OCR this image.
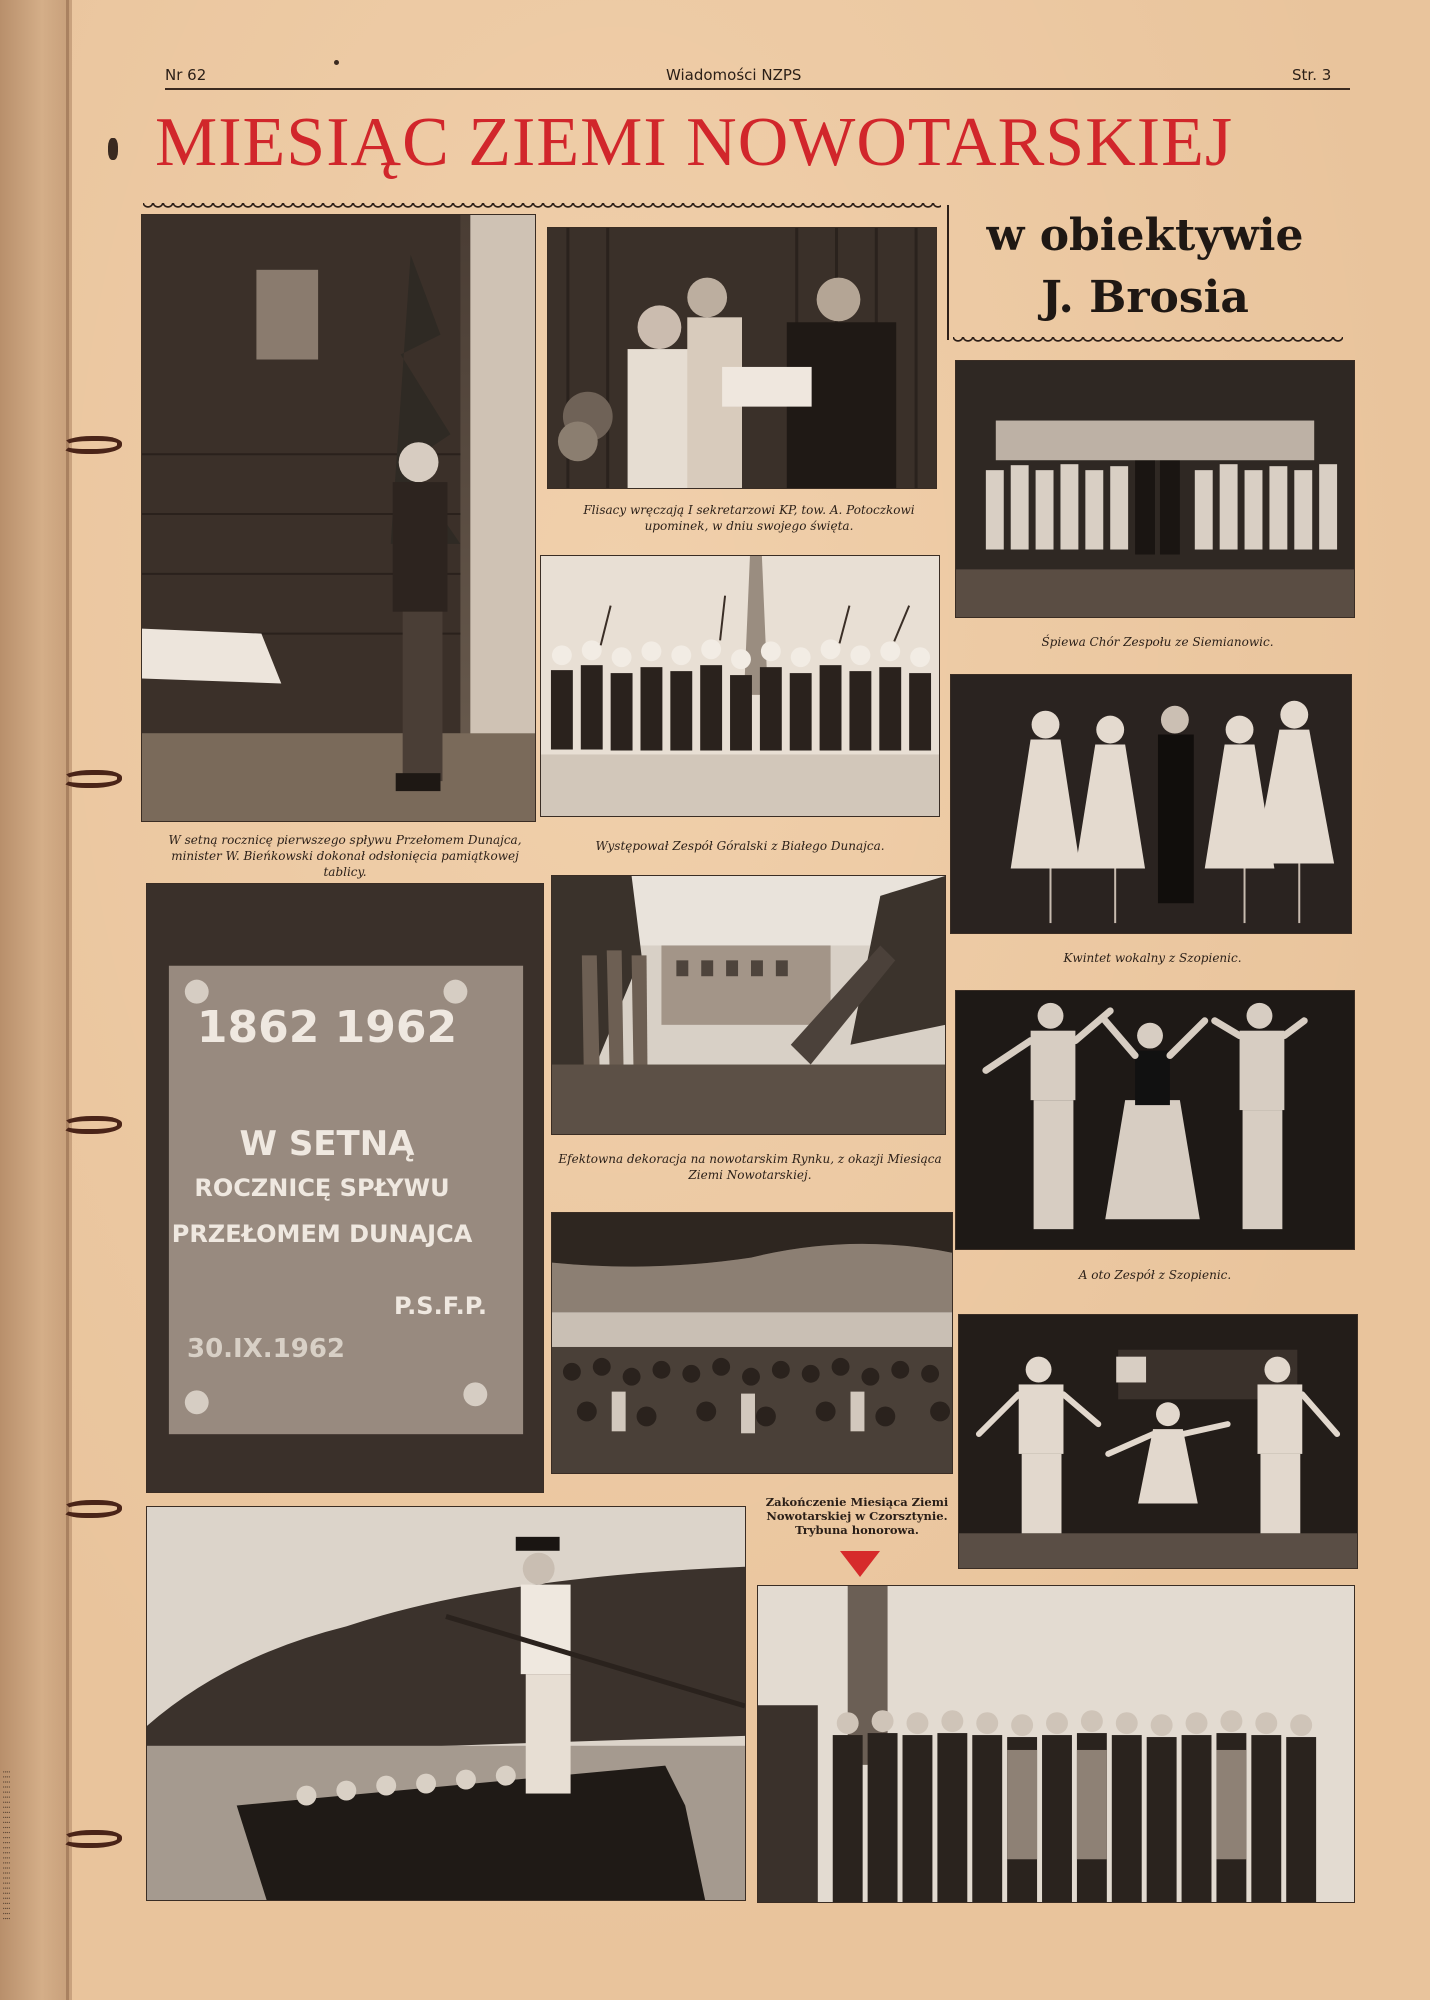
⁞⁞⁞⁞⁞⁞⁞⁞⁞⁞⁞⁞⁞⁞⁞⁞⁞⁞⁞⁞⁞⁞⁞⁞⁞⁞⁞⁞⁞⁞
Nr 62	Wiadomości NZPS	Str. 3
MIESIĄC ZIEMI NOWOTARSKIEJ
w obiektywie
J. Brosia
W setną rocznicę pierwszego spływu Przełomem Dunajca, minister W. Bieńkowski dokonał odsłonięcia pamiątkowej tablicy.
Flisacy wręczają I sekretarzowi KP, tow. A. Potoczkowi upominek, w dniu swojego święta.
Występował Zespół Góralski z Białego Dunajca.
Śpiewa Chór Zespołu ze Siemianowic.
Kwintet wokalny z Szopienic.
1862 1962
W SETNĄ
ROCZNICĘ SPŁYWU
PRZEŁOMEM DUNAJCA
P.S.F.P.
30.IX.1962
Efektowna dekoracja na nowotarskim Rynku, z okazji Miesiąca Ziemi Nowotarskiej.
A oto Zespół z Szopienic.
Zakończenie Miesiąca Ziemi Nowotarskiej w Czorsztynie. Trybuna honorowa.
